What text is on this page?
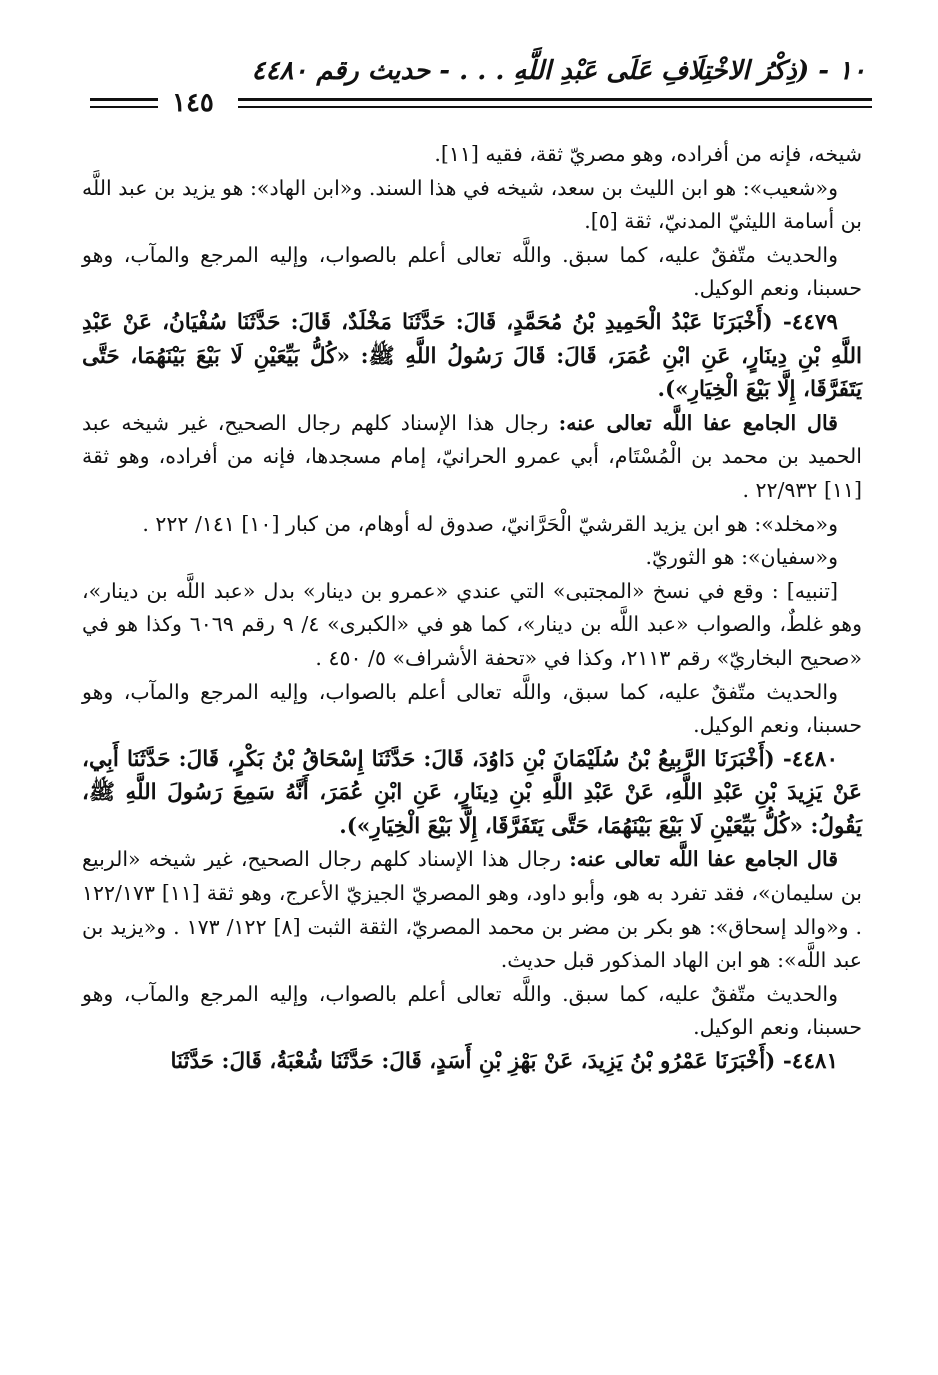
١٠ - (ذِكْرُ الاخْتِلَافِ عَلَى عَبْدِ اللَّهِ . . . - حديث رقم ٤٤٨٠
١٤٥

شيخه، فإنه من أفراده، وهو مصريّ ثقة، فقيه [١١].

و«شعيب»: هو ابن الليث بن سعد، شيخه في هذا السند. و«ابن الهاد»: هو يزيد بن عبد اللَّه بن أسامة الليثيّ المدنيّ، ثقة [٥].

والحديث متّفقٌ عليه، كما سبق. واللَّه تعالى أعلم بالصواب، وإليه المرجع والمآب، وهو حسبنا، ونعم الوكيل.

٤٤٧٩- (أَخْبَرَنَا عَبْدُ الْحَمِيدِ بْنُ مُحَمَّدٍ، قَالَ: حَدَّثَنَا مَخْلَدٌ، قَالَ: حَدَّثَنَا سُفْيَانُ، عَنْ عَبْدِ اللَّهِ بْنِ دِينَارٍ، عَنِ ابْنِ عُمَرَ، قَالَ: قَالَ رَسُولُ اللَّهِ ﷺ: «كُلُّ بَيِّعَيْنِ لَا بَيْعَ بَيْنَهُمَا، حَتَّى يَتَفَرَّقَا، إِلَّا بَيْعَ الْخِيَارِ»).

قال الجامع عفا اللَّه تعالى عنه: رجال هذا الإسناد كلهم رجال الصحيح، غير شيخه عبد الحميد بن محمد بن الْمُسْتَام، أبي عمرو الحرانيّ، إمام مسجدها، فإنه من أفراده، وهو ثقة [١١] ٢٢/٩٣٢ .

و«مخلد»: هو ابن يزيد القرشيّ الْحَرَّانيّ، صدوق له أوهام، من كبار [١٠] ١٤١/ ٢٢٢ .

و«سفيان»: هو الثوريّ.

[تنبيه] : وقع في نسخ «المجتبى» التي عندي «عمرو بن دينار» بدل «عبد اللَّه بن دينار»، وهو غلطٌ، والصواب «عبد اللَّه بن دينار»، كما هو في «الكبرى» ٤/ ٩ رقم ٦٠٦٩ وكذا هو في «صحيح البخاريّ» رقم ٢١١٣، وكذا في «تحفة الأشراف» ٥/ ٤٥٠ .

والحديث متّفقٌ عليه، كما سبق، واللَّه تعالى أعلم بالصواب، وإليه المرجع والمآب، وهو حسبنا، ونعم الوكيل.

٤٤٨٠- (أَخْبَرَنَا الرَّبِيعُ بْنُ سُلَيْمَانَ بْنِ دَاوُدَ، قَالَ: حَدَّثَنَا إِسْحَاقُ بْنُ بَكْرٍ، قَالَ: حَدَّثَنَا أَبِي، عَنْ يَزِيدَ بْنِ عَبْدِ اللَّهِ، عَنْ عَبْدِ اللَّهِ بْنِ دِينَارٍ، عَنِ ابْنِ عُمَرَ، أَنَّهُ سَمِعَ رَسُولَ اللَّهِ ﷺ، يَقُولُ: «كُلُّ بَيِّعَيْنِ لَا بَيْعَ بَيْنَهُمَا، حَتَّى يَتَفَرَّقَا، إِلَّا بَيْعَ الْخِيَارِ»).

قال الجامع عفا اللَّه تعالى عنه: رجال هذا الإسناد كلهم رجال الصحيح، غير شيخه «الربيع بن سليمان»، فقد تفرد به هو، وأبو داود، وهو المصريّ الجيزيّ الأعرج، وهو ثقة [١١] ١٢٢/١٧٣ . و«والد إسحاق»: هو بكر بن مضر بن محمد المصريّ، الثقة الثبت [٨] ١٢٢/ ١٧٣ . و«يزيد بن عبد اللَّه»: هو ابن الهاد المذكور قبل حديث.

والحديث متّفقٌ عليه، كما سبق. واللَّه تعالى أعلم بالصواب، وإليه المرجع والمآب، وهو حسبنا، ونعم الوكيل.

٤٤٨١- (أَخْبَرَنَا عَمْرُو بْنُ يَزِيدَ، عَنْ بَهْزِ بْنِ أَسَدٍ، قَالَ: حَدَّثَنَا شُعْبَةُ، قَالَ: حَدَّثَنَا
